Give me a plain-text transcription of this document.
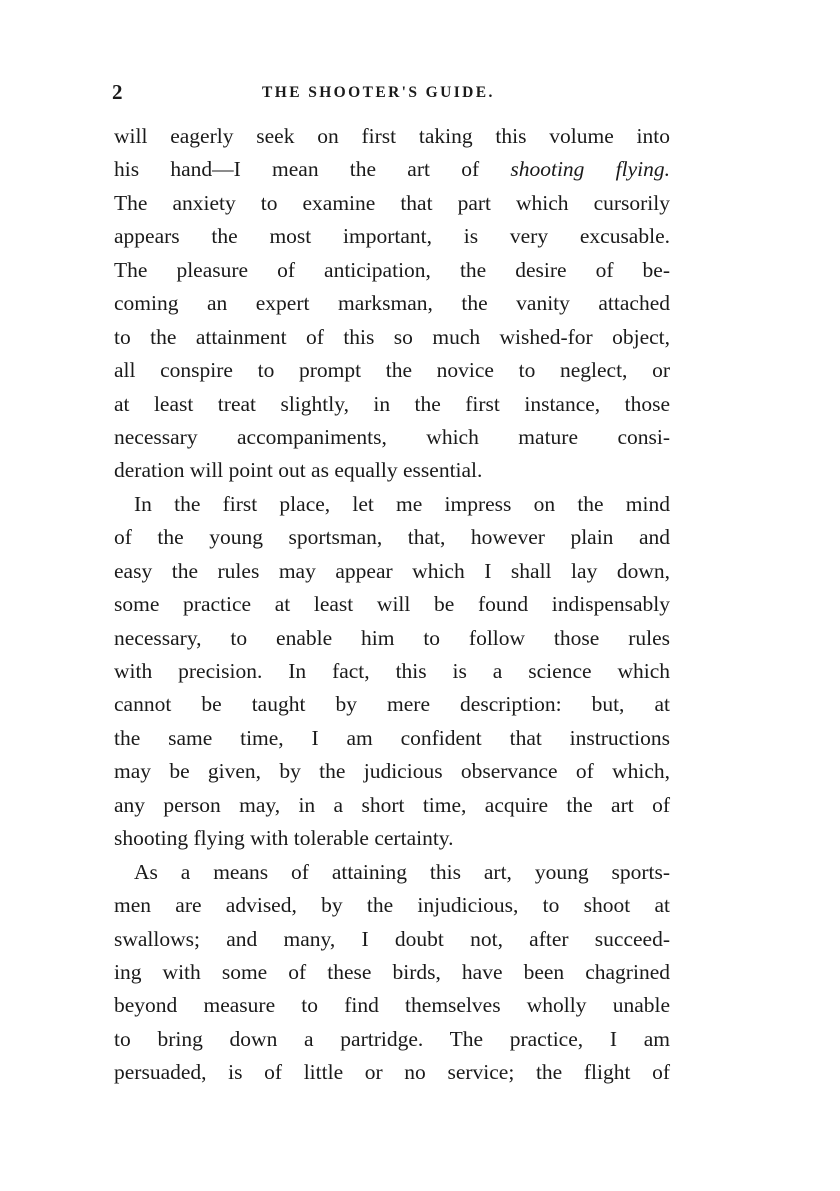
2	THE SHOOTER'S GUIDE.
will eagerly seek on first taking this volume into
his hand—I mean the art of shooting flying.
The anxiety to examine that part which cursorily
appears the most important, is very excusable.
The pleasure of anticipation, the desire of be-
coming an expert marksman, the vanity attached
to the attainment of this so much wished-for object,
all conspire to prompt the novice to neglect, or
at least treat slightly, in the first instance, those
necessary accompaniments, which mature consi-
deration will point out as equally essential.
In the first place, let me impress on the mind
of the young sportsman, that, however plain and
easy the rules may appear which I shall lay down,
some practice at least will be found indispensably
necessary, to enable him to follow those rules
with precision. In fact, this is a science which
cannot be taught by mere description: but, at
the same time, I am confident that instructions
may be given, by the judicious observance of which,
any person may, in a short time, acquire the art of
shooting flying with tolerable certainty.
As a means of attaining this art, young sports-
men are advised, by the injudicious, to shoot at
swallows; and many, I doubt not, after succeed-
ing with some of these birds, have been chagrined
beyond measure to find themselves wholly unable
to bring down a partridge. The practice, I am
persuaded, is of little or no service; the flight of
